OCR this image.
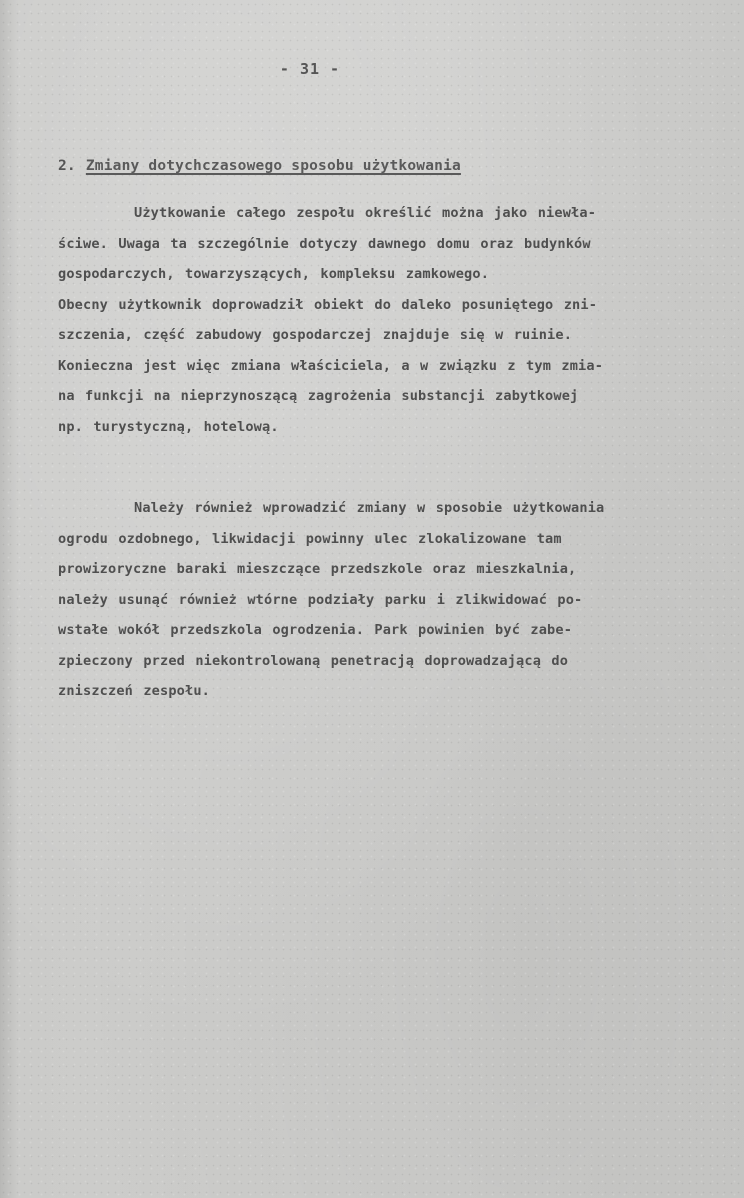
- 31 -
2. Zmiany dotychczasowego sposobu użytkowania
Użytkowanie całego zespołu określić można jako niewła-
ściwe. Uwaga ta szczególnie dotyczy dawnego domu oraz budynków
gospodarczych, towarzyszących, kompleksu zamkowego.
Obecny użytkownik doprowadził obiekt do daleko posuniętego zni-
szczenia, część zabudowy gospodarczej znajduje się w ruinie.
Konieczna jest więc zmiana właściciela, a w związku z tym zmia-
na funkcji na nieprzynoszącą zagrożenia substancji zabytkowej
np. turystyczną, hotelową.
Należy również wprowadzić zmiany w sposobie użytkowania
ogrodu ozdobnego, likwidacji powinny ulec zlokalizowane tam
prowizoryczne baraki mieszczące przedszkole oraz mieszkalnia,
należy usunąć również wtórne podziały parku i zlikwidować po-
wstałe wokół przedszkola ogrodzenia. Park powinien być zabe-
zpieczony przed niekontrolowaną penetracją doprowadzającą do
zniszczeń zespołu.
